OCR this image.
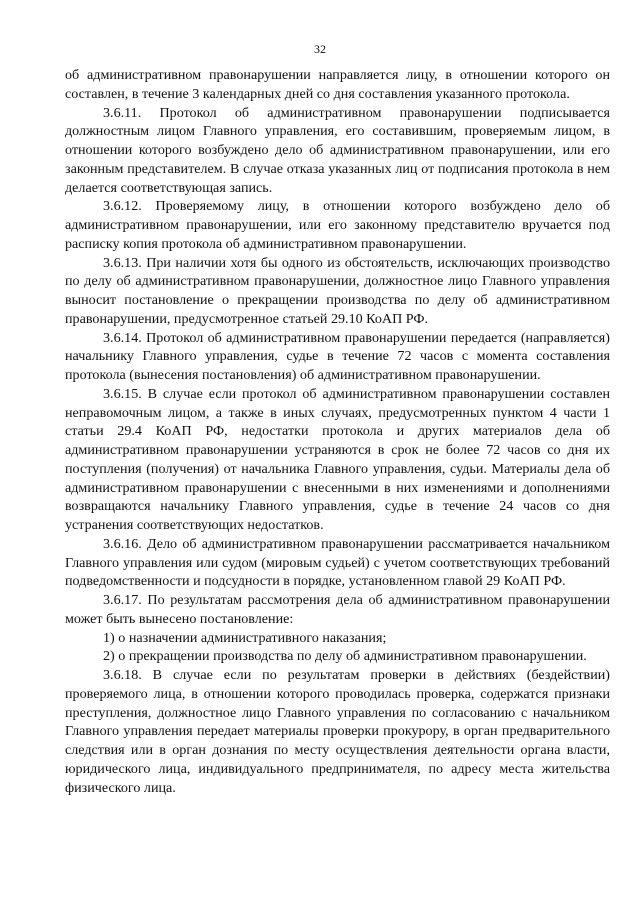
32

об административном правонарушении направляется лицу, в отношении которого он составлен, в течение 3 календарных дней со дня составления указанного протокола.

3.6.11. Протокол об административном правонарушении подписывается должностным лицом Главного управления, его составившим, проверяемым лицом, в отношении которого возбуждено дело об административном правонарушении, или его законным представителем. В случае отказа указанных лиц от подписания протокола в нем делается соответствующая запись.

3.6.12. Проверяемому лицу, в отношении которого возбуждено дело об административном правонарушении, или его законному представителю вручается под расписку копия протокола об административном правонарушении.

3.6.13. При наличии хотя бы одного из обстоятельств, исключающих производство по делу об административном правонарушении, должностное лицо Главного управления выносит постановление о прекращении производства по делу об административном правонарушении, предусмотренное статьей 29.10 КоАП РФ.

3.6.14. Протокол об административном правонарушении передается (направляется) начальнику Главного управления, судье в течение 72 часов с момента составления протокола (вынесения постановления) об административном правонарушении.

3.6.15. В случае если протокол об административном правонарушении составлен неправомочным лицом, а также в иных случаях, предусмотренных пунктом 4 части 1 статьи 29.4 КоАП РФ, недостатки протокола и других материалов дела об административном правонарушении устраняются в срок не более 72 часов со дня их поступления (получения) от начальника Главного управления, судьи. Материалы дела об административном правонарушении с внесенными в них изменениями и дополнениями возвращаются начальнику Главного управления, судье в течение 24 часов со дня устранения соответствующих недостатков.

3.6.16. Дело об административном правонарушении рассматривается начальником Главного управления или судом (мировым судьей) с учетом соответствующих требований подведомственности и подсудности в порядке, установленном главой 29 КоАП РФ.

3.6.17. По результатам рассмотрения дела об административном правонарушении может быть вынесено постановление:

1) о назначении административного наказания;

2) о прекращении производства по делу об административном правонарушении.

3.6.18. В случае если по результатам проверки в действиях (бездействии) проверяемого лица, в отношении которого проводилась проверка, содержатся признаки преступления, должностное лицо Главного управления по согласованию с начальником Главного управления передает материалы проверки прокурору, в орган предварительного следствия или в орган дознания по месту осуществления деятельности органа власти, юридического лица, индивидуального предпринимателя, по адресу места жительства физического лица.
